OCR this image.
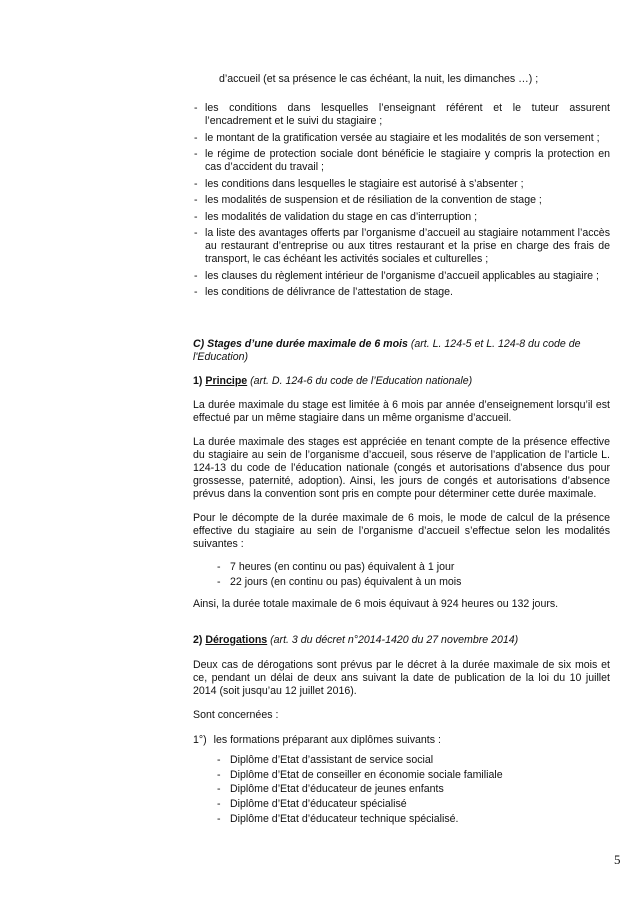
d’accueil (et sa présence le cas échéant, la nuit, les dimanches …) ;
- les conditions dans lesquelles l’enseignant référent et le tuteur assurent l’encadrement et le suivi du stagiaire ;
- le montant de la gratification versée au stagiaire et les modalités de son versement ;
- le régime de protection sociale dont bénéficie le stagiaire y compris la protection en cas d’accident du travail ;
- les conditions dans lesquelles le stagiaire est autorisé à s’absenter ;
- les modalités de suspension et de résiliation de la convention de stage ;
- les modalités de validation du stage en cas d’interruption ;
- la liste des avantages offerts par l’organisme d’accueil au stagiaire notamment l’accès au restaurant d’entreprise ou aux titres restaurant et la prise en charge des frais de transport, le cas échéant les activités sociales et culturelles ;
- les clauses du règlement intérieur de l’organisme d’accueil applicables au stagiaire ;
- les conditions de délivrance de l’attestation de stage.
C) Stages d’une durée maximale de 6 mois (art. L. 124-5 et L. 124-8 du code de l'Education)
1) Principe (art. D. 124-6 du code de l’Education nationale)
La durée maximale du stage est limitée à 6 mois par année d’enseignement lorsqu’il est effectué par un même stagiaire dans un même organisme d’accueil.
La durée maximale des stages est appréciée en tenant compte de la présence effective du stagiaire au sein de l’organisme d’accueil, sous réserve de l’application de l’article L. 124-13 du code de l’éducation nationale (congés et autorisations d’absence dus pour grossesse, paternité, adoption). Ainsi, les jours de congés et autorisations d’absence prévus dans la convention sont pris en compte pour déterminer cette durée maximale.
Pour le décompte de la durée maximale de 6 mois, le mode de calcul de la présence effective du stagiaire au sein de l’organisme d’accueil s’effectue selon les modalités suivantes :
- 7 heures (en continu ou pas) équivalent à 1 jour
- 22 jours (en continu ou pas) équivalent à un mois
Ainsi, la durée totale maximale de 6 mois équivaut à 924 heures ou 132 jours.
2) Dérogations (art. 3 du décret n°2014-1420 du 27 novembre 2014)
Deux cas de dérogations sont prévus par le décret à la durée maximale de six mois et ce, pendant un délai de deux ans suivant la date de publication de la loi du 10 juillet 2014 (soit jusqu’au 12 juillet 2016).
Sont concernées :
1°) les formations préparant aux diplômes suivants :
- Diplôme d’Etat d’assistant de service social
- Diplôme d’Etat de conseiller en économie sociale familiale
- Diplôme d’Etat d’éducateur de jeunes enfants
- Diplôme d’Etat d’éducateur spécialisé
- Diplôme d’Etat d’éducateur technique spécialisé.
5
